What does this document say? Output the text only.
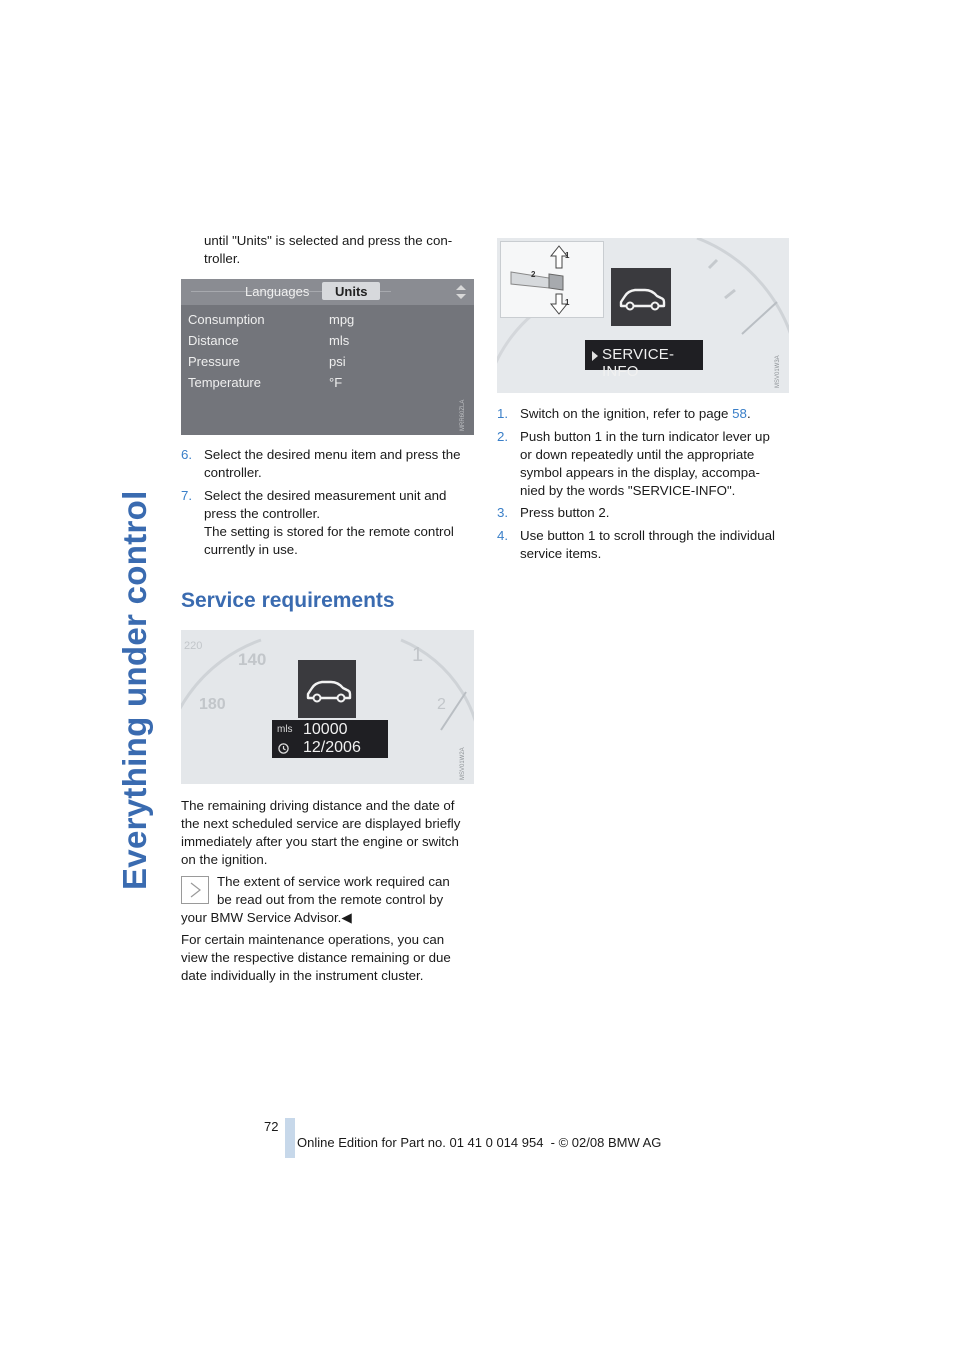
Everything under control
until "Units" is selected and press the con-
troller.
Languages Units
Consumption
Distance
Pressure
Temperature
mpg
mls
psi
°F
MRR60ZLA
6. Select the desired menu item and press the
controller.
7. Select the desired measurement unit and
press the controller.
The setting is stored for the remote control
currently in use.
Service requirements
220
140
180
1
2
mls 10000
12/2006	MSV01W2A
The remaining driving distance and the date of
the next scheduled service are displayed briefly
immediately after you start the engine or switch
on the ignition.
The extent of service work required can
be read out from the remote control by
your BMW Service Advisor.◀
For certain maintenance operations, you can
view the respective distance remaining or due
date individually in the instrument cluster.
1
2
1
SERVICE-INFO	MSV01W3A
1. Switch on the ignition, refer to page 58.
2. Push button 1 in the turn indicator lever up
or down repeatedly until the appropriate
symbol appears in the display, accompa-
nied by the words "SERVICE-INFO".
3. Press button 2.
4. Use button 1 to scroll through the individual
service items.
72
Online Edition for Part no. 01 41 0 014 954  - © 02/08 BMW AG
